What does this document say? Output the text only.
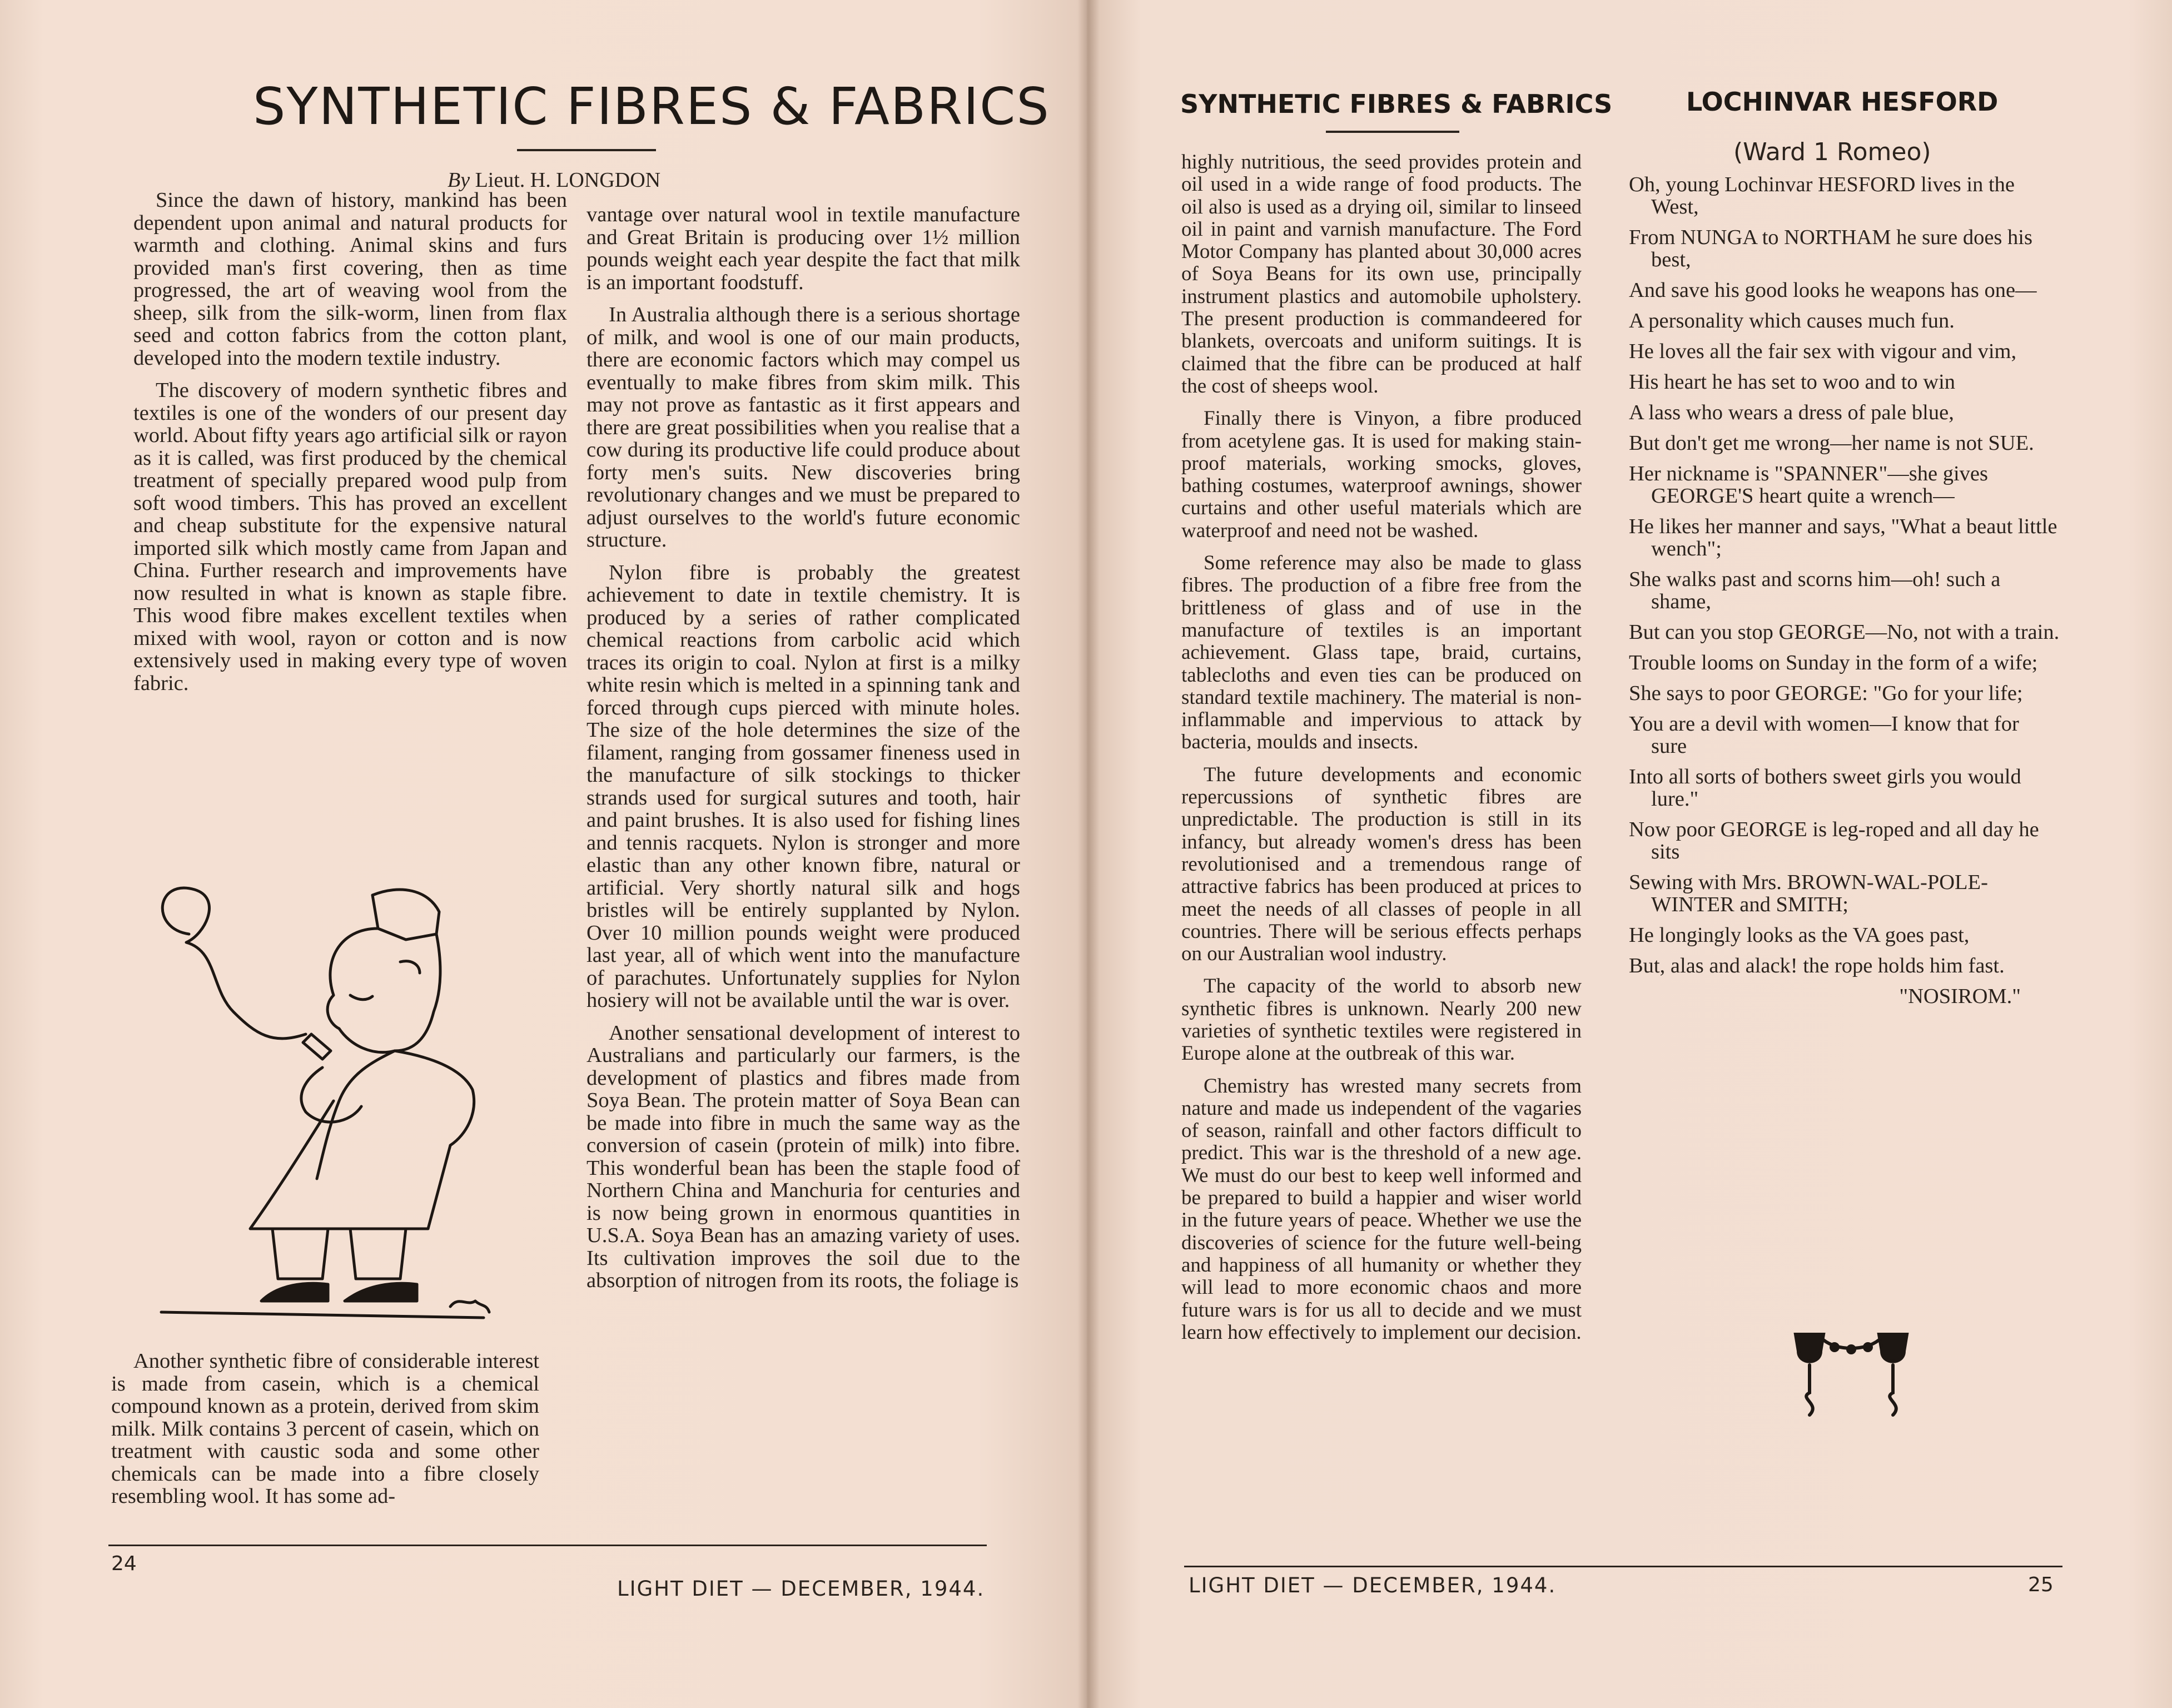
SYNTHETIC FIBRES & FABRICS
By Lieut. H. LONGDON

Since the dawn of history, mankind has been dependent upon animal and natural products for warmth and clothing. Animal skins and furs provided man's first covering, then as time progressed, the art of weaving wool from the sheep, silk from the silk-worm, linen from flax seed and cotton fabrics from the cotton plant, developed into the modern textile industry.

The discovery of modern synthetic fibres and textiles is one of the wonders of our present day world. About fifty years ago artificial silk or rayon as it is called, was first produced by the chemical treatment of specially prepared wood pulp from soft wood timbers. This has proved an excellent and cheap substitute for the expensive natural imported silk which mostly came from Japan and China. Further research and improvements have now resulted in what is known as staple fibre. This wood fibre makes excellent textiles when mixed with wool, rayon or cotton and is now extensively used in making every type of woven fabric.

Another synthetic fibre of considerable interest is made from casein, which is a chemical compound known as a protein, derived from skim milk. Milk contains 3 percent of casein, which on treatment with caustic soda and some other chemicals can be made into a fibre closely resembling wool. It has some ad-

vantage over natural wool in textile manufacture and Great Britain is producing over 1½ million pounds weight each year despite the fact that milk is an important foodstuff.

In Australia although there is a serious shortage of milk, and wool is one of our main products, there are economic factors which may compel us eventually to make fibres from skim milk. This may not prove as fantastic as it first appears and there are great possibilities when you realise that a cow during its productive life could produce about forty men's suits. New discoveries bring revolutionary changes and we must be prepared to adjust ourselves to the world's future economic structure.

Nylon fibre is probably the greatest achievement to date in textile chemistry. It is produced by a series of rather complicated chemical reactions from carbolic acid which traces its origin to coal. Nylon at first is a milky white resin which is melted in a spinning tank and forced through cups pierced with minute holes. The size of the hole determines the size of the filament, ranging from gossamer fineness used in the manufacture of silk stockings to thicker strands used for surgical sutures and tooth, hair and paint brushes. It is also used for fishing lines and tennis racquets. Nylon is stronger and more elastic than any other known fibre, natural or artificial. Very shortly natural silk and hogs bristles will be entirely supplanted by Nylon. Over 10 million pounds weight were produced last year, all of which went into the manufacture of parachutes. Unfortunately supplies for Nylon hosiery will not be available until the war is over.

Another sensational development of interest to Australians and particularly our farmers, is the development of plastics and fibres made from Soya Bean. The protein matter of Soya Bean can be made into fibre in much the same way as the conversion of casein (protein of milk) into fibre. This wonderful bean has been the staple food of Northern China and Manchuria for centuries and is now being grown in enormous quantities in U.S.A. Soya Bean has an amazing variety of uses. Its cultivation improves the soil due to the absorption of nitrogen from its roots, the foliage is

24
LIGHT DIET — DECEMBER, 1944.
SYNTHETIC FIBRES & FABRICS

highly nutritious, the seed provides protein and oil used in a wide range of food products. The oil also is used as a drying oil, similar to linseed oil in paint and varnish manufacture. The Ford Motor Company has planted about 30,000 acres of Soya Beans for its own use, principally instrument plastics and automobile upholstery. The present production is commandeered for blankets, overcoats and uniform suitings. It is claimed that the fibre can be produced at half the cost of sheeps wool.

Finally there is Vinyon, a fibre produced from acetylene gas. It is used for making stain-proof materials, working smocks, gloves, bathing costumes, waterproof awnings, shower curtains and other useful materials which are waterproof and need not be washed.

Some reference may also be made to glass fibres. The production of a fibre free from the brittleness of glass and of use in the manufacture of textiles is an important achievement. Glass tape, braid, curtains, tablecloths and even ties can be produced on standard textile machinery. The material is non-inflammable and impervious to attack by bacteria, moulds and insects.

The future developments and economic repercussions of synthetic fibres are unpredictable. The production is still in its infancy, but already women's dress has been revolutionised and a tremendous range of attractive fabrics has been produced at prices to meet the needs of all classes of people in all countries. There will be serious effects perhaps on our Australian wool industry.

The capacity of the world to absorb new synthetic fibres is unknown. Nearly 200 new varieties of synthetic textiles were registered in Europe alone at the outbreak of this war.

Chemistry has wrested many secrets from nature and made us independent of the vagaries of season, rainfall and other factors difficult to predict. This war is the threshold of a new age. We must do our best to keep well informed and be prepared to build a happier and wiser world in the future years of peace. Whether we use the discoveries of science for the future well-being and happiness of all humanity or whether they will lead to more economic chaos and more future wars is for us all to decide and we must learn how effectively to implement our decision.

LOCHINVAR HESFORD
(Ward 1 Romeo)
Oh, young Lochinvar HESFORD lives in the West,
From NUNGA to NORTHAM he sure does his best,
And save his good looks he weapons has one—
A personality which causes much fun.
He loves all the fair sex with vigour and vim,
His heart he has set to woo and to win
A lass who wears a dress of pale blue,
But don't get me wrong—her name is not SUE.
Her nickname is "SPANNER"—she gives GEORGE'S heart quite a wrench—
He likes her manner and says, "What a beaut little wench";
She walks past and scorns him—oh! such a shame,
But can you stop GEORGE—No, not with a train.
Trouble looms on Sunday in the form of a wife;
She says to poor GEORGE: "Go for your life;
You are a devil with women—I know that for sure
Into all sorts of bothers sweet girls you would lure."
Now poor GEORGE is leg-roped and all day he sits
Sewing with Mrs. BROWN-WAL-POLE-WINTER and SMITH;
He longingly looks as the VA goes past,
But, alas and alack! the rope holds him fast.
"NOSIROM."
LIGHT DIET — DECEMBER, 1944.	25
